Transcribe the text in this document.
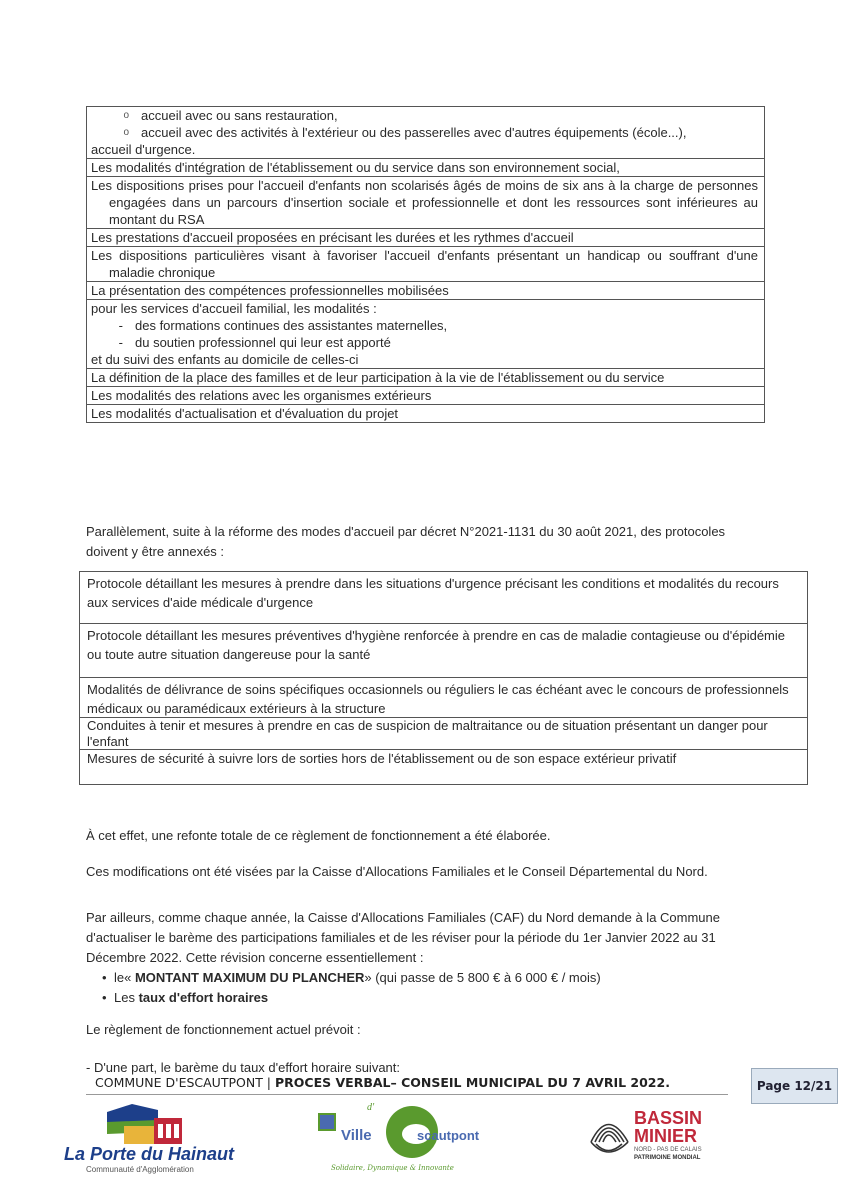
o accueil avec ou sans restauration,
o accueil avec des activités à l'extérieur ou des passerelles avec d'autres équipements (école...),
accueil d'urgence.
Les modalités d'intégration de l'établissement ou du service dans son environnement social,
Les dispositions prises pour l'accueil d'enfants non scolarisés âgés de moins de six ans à la charge de personnes engagées dans un parcours d'insertion sociale et professionnelle et dont les ressources sont inférieures au montant du RSA
Les prestations d'accueil proposées en précisant les durées et les rythmes d'accueil
Les dispositions particulières visant à favoriser l'accueil d'enfants présentant un handicap ou souffrant d'une maladie chronique
La présentation des compétences professionnelles mobilisées
pour les services d'accueil familial, les modalités :
- des formations continues des assistantes maternelles,
- du soutien professionnel qui leur est apporté
et du suivi des enfants au domicile de celles-ci
La définition de la place des familles et de leur participation à la vie de l'établissement ou du service
Les modalités des relations avec les organismes extérieurs
Les modalités d'actualisation et d'évaluation du projet
Parallèlement, suite à la réforme des modes d'accueil par décret N°2021-1131 du 30 août 2021, des protocoles doivent y être annexés :
Protocole détaillant les mesures à prendre dans les situations d'urgence précisant les conditions et modalités du recours aux services d'aide médicale d'urgence
Protocole détaillant les mesures préventives d'hygiène renforcée à prendre en cas de maladie contagieuse ou d'épidémie ou toute autre situation dangereuse pour la santé
Modalités de délivrance de soins spécifiques occasionnels ou réguliers le cas échéant avec le concours de professionnels médicaux ou paramédicaux extérieurs à la structure
Conduites à tenir et mesures à prendre en cas de suspicion de maltraitance ou de situation présentant un danger pour l'enfant
Mesures de sécurité à suivre lors de sorties hors de l'établissement ou de son espace extérieur privatif
À cet effet, une refonte totale de ce règlement de fonctionnement a été élaborée.
Ces modifications ont été visées par la Caisse d'Allocations Familiales et le Conseil Départemental du Nord.
Par ailleurs, comme chaque année, la Caisse d'Allocations Familiales (CAF) du Nord demande à la Commune d'actualiser le barème des participations familiales et de les réviser pour la période du 1er Janvier 2022 au 31 Décembre 2022. Cette révision concerne essentiellement :
• le« MONTANT MAXIMUM DU PLANCHER» (qui passe de 5 800 € à 6 000 € / mois)
• Les taux d'effort horaires
Le règlement de fonctionnement actuel prévoit :
- D'une part, le barème du taux d'effort horaire suivant:
COMMUNE D'ESCAUTPONT | PROCES VERBAL– CONSEIL MUNICIPAL DU 7 AVRIL 2022.	Page 12/21
La Porte du Hainaut
Communauté d'Agglomération
d'
Ville	scautpont
Solidaire, Dynamique & Innovante
BASSIN
MINIER
NORD - PAS DE CALAIS
PATRIMOINE MONDIAL
